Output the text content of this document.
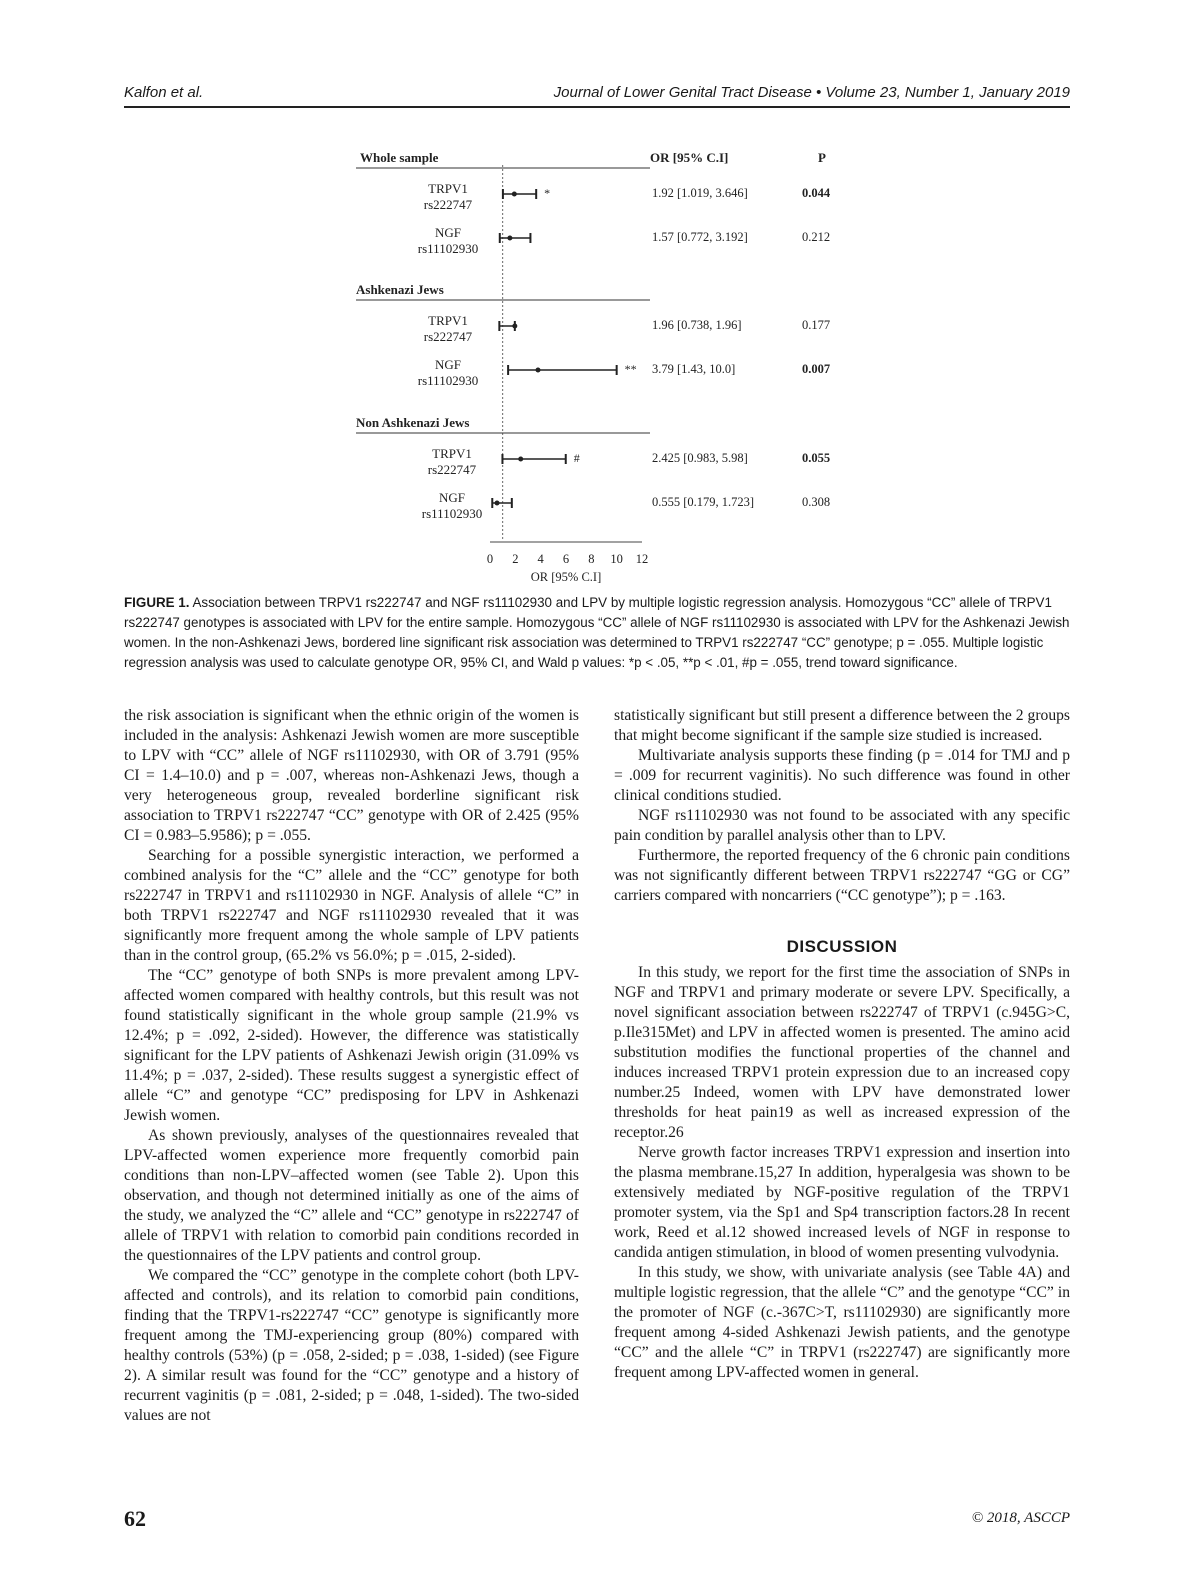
Kalfon et al.	Journal of Lower Genital Tract Disease • Volume 23, Number 1, January 2019
OR [95% C.I]	P
Whole sample
TRPV1
rs222747
*	1.92 [1.019, 3.646]	0.044
NGF
rs11102930
1.57 [0.772, 3.192]	0.212
Ashkenazi Jews
TRPV1
rs222747
1.96 [0.738, 1.96]	0.177
NGF
rs11102930
** 3.79 [1.43, 10.0]	0.007
Non Ashkenazi Jews
TRPV1
rs222747
#	2.425 [0.983, 5.98]	0.055
NGF
rs11102930
0.555 [0.179, 1.723]	0.308
0 2 4 6 8 10 12
OR [95% C.I]
FIGURE 1. Association between TRPV1 rs222747 and NGF rs11102930 and LPV by multiple logistic regression analysis. Homozygous “CC” allele of TRPV1 rs222747 genotypes is associated with LPV for the entire sample. Homozygous “CC” allele of NGF rs11102930 is associated with LPV for the Ashkenazi Jewish women. In the non-Ashkenazi Jews, bordered line significant risk association was determined to TRPV1 rs222747 “CC” genotype; p = .055. Multiple logistic regression analysis was used to calculate genotype OR, 95% CI, and Wald p values: *p < .05, **p < .01, #p = .055, trend toward significance.

the risk association is significant when the ethnic origin of the women is included in the analysis: Ashkenazi Jewish women are more susceptible to LPV with “CC” allele of NGF rs11102930, with OR of 3.791 (95% CI = 1.4–10.0) and p = .007, whereas non-Ashkenazi Jews, though a very heterogeneous group, revealed borderline significant risk association to TRPV1 rs222747 “CC” genotype with OR of 2.425 (95% CI = 0.983–5.9586); p = .055.

Searching for a possible synergistic interaction, we performed a combined analysis for the “C” allele and the “CC” genotype for both rs222747 in TRPV1 and rs11102930 in NGF. Analysis of allele “C” in both TRPV1 rs222747 and NGF rs11102930 revealed that it was significantly more frequent among the whole sample of LPV patients than in the control group, (65.2% vs 56.0%; p = .015, 2-sided).

The “CC” genotype of both SNPs is more prevalent among LPV-affected women compared with healthy controls, but this result was not found statistically significant in the whole group sample (21.9% vs 12.4%; p = .092, 2-sided). However, the difference was statistically significant for the LPV patients of Ashkenazi Jewish origin (31.09% vs 11.4%; p = .037, 2-sided). These results suggest a synergistic effect of allele “C” and genotype “CC” predisposing for LPV in Ashkenazi Jewish women.

As shown previously, analyses of the questionnaires revealed that LPV-affected women experience more frequently comorbid pain conditions than non-LPV–affected women (see Table 2). Upon this observation, and though not determined initially as one of the aims of the study, we analyzed the “C” allele and “CC” genotype in rs222747 of allele of TRPV1 with relation to comorbid pain conditions recorded in the questionnaires of the LPV patients and control group.

We compared the “CC” genotype in the complete cohort (both LPV-affected and controls), and its relation to comorbid pain conditions, finding that the TRPV1-rs222747 “CC” genotype is significantly more frequent among the TMJ-experiencing group (80%) compared with healthy controls (53%) (p = .058, 2-sided; p = .038, 1-sided) (see Figure 2). A similar result was found for the “CC” genotype and a history of recurrent vaginitis (p = .081, 2-sided; p = .048, 1-sided). The two-sided values are not

statistically significant but still present a difference between the 2 groups that might become significant if the sample size studied is increased.

Multivariate analysis supports these finding (p = .014 for TMJ and p = .009 for recurrent vaginitis). No such difference was found in other clinical conditions studied.

NGF rs11102930 was not found to be associated with any specific pain condition by parallel analysis other than to LPV.

Furthermore, the reported frequency of the 6 chronic pain conditions was not significantly different between TRPV1 rs222747 “GG or CG” carriers compared with noncarriers (“CC genotype”); p = .163.

DISCUSSION

In this study, we report for the first time the association of SNPs in NGF and TRPV1 and primary moderate or severe LPV. Specifically, a novel significant association between rs222747 of TRPV1 (c.945G>C, p.Ile315Met) and LPV in affected women is presented. The amino acid substitution modifies the functional properties of the channel and induces increased TRPV1 protein expression due to an increased copy number.25 Indeed, women with LPV have demonstrated lower thresholds for heat pain19 as well as increased expression of the receptor.26

Nerve growth factor increases TRPV1 expression and insertion into the plasma membrane.15,27 In addition, hyperalgesia was shown to be extensively mediated by NGF-positive regulation of the TRPV1 promoter system, via the Sp1 and Sp4 transcription factors.28 In recent work, Reed et al.12 showed increased levels of NGF in response to candida antigen stimulation, in blood of women presenting vulvodynia.

In this study, we show, with univariate analysis (see Table 4A) and multiple logistic regression, that the allele “C” and the genotype “CC” in the promoter of NGF (c.-367C>T, rs11102930) are significantly more frequent among 4-sided Ashkenazi Jewish patients, and the genotype “CC” and the allele “C” in TRPV1 (rs222747) are significantly more frequent among LPV-affected women in general.

62	© 2018, ASCCP
